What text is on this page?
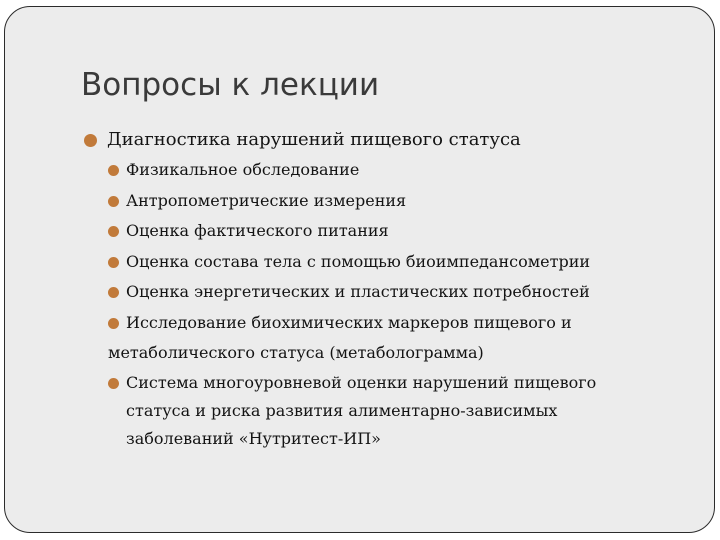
Вопросы к лекции
Диагностика нарушений пищевого статуса
Физикальное обследование
Антропометрические измерения
Оценка фактического питания
Оценка состава тела с помощью биоимпедансометрии
Оценка энергетических и пластических потребностей
Исследование биохимических маркеров пищевого и
метаболического статуса (метаболограмма)
Система многоуровневой оценки нарушений пищевого
статуса и риска развития алиментарно-зависимых
заболеваний «Нутритест-ИП»
